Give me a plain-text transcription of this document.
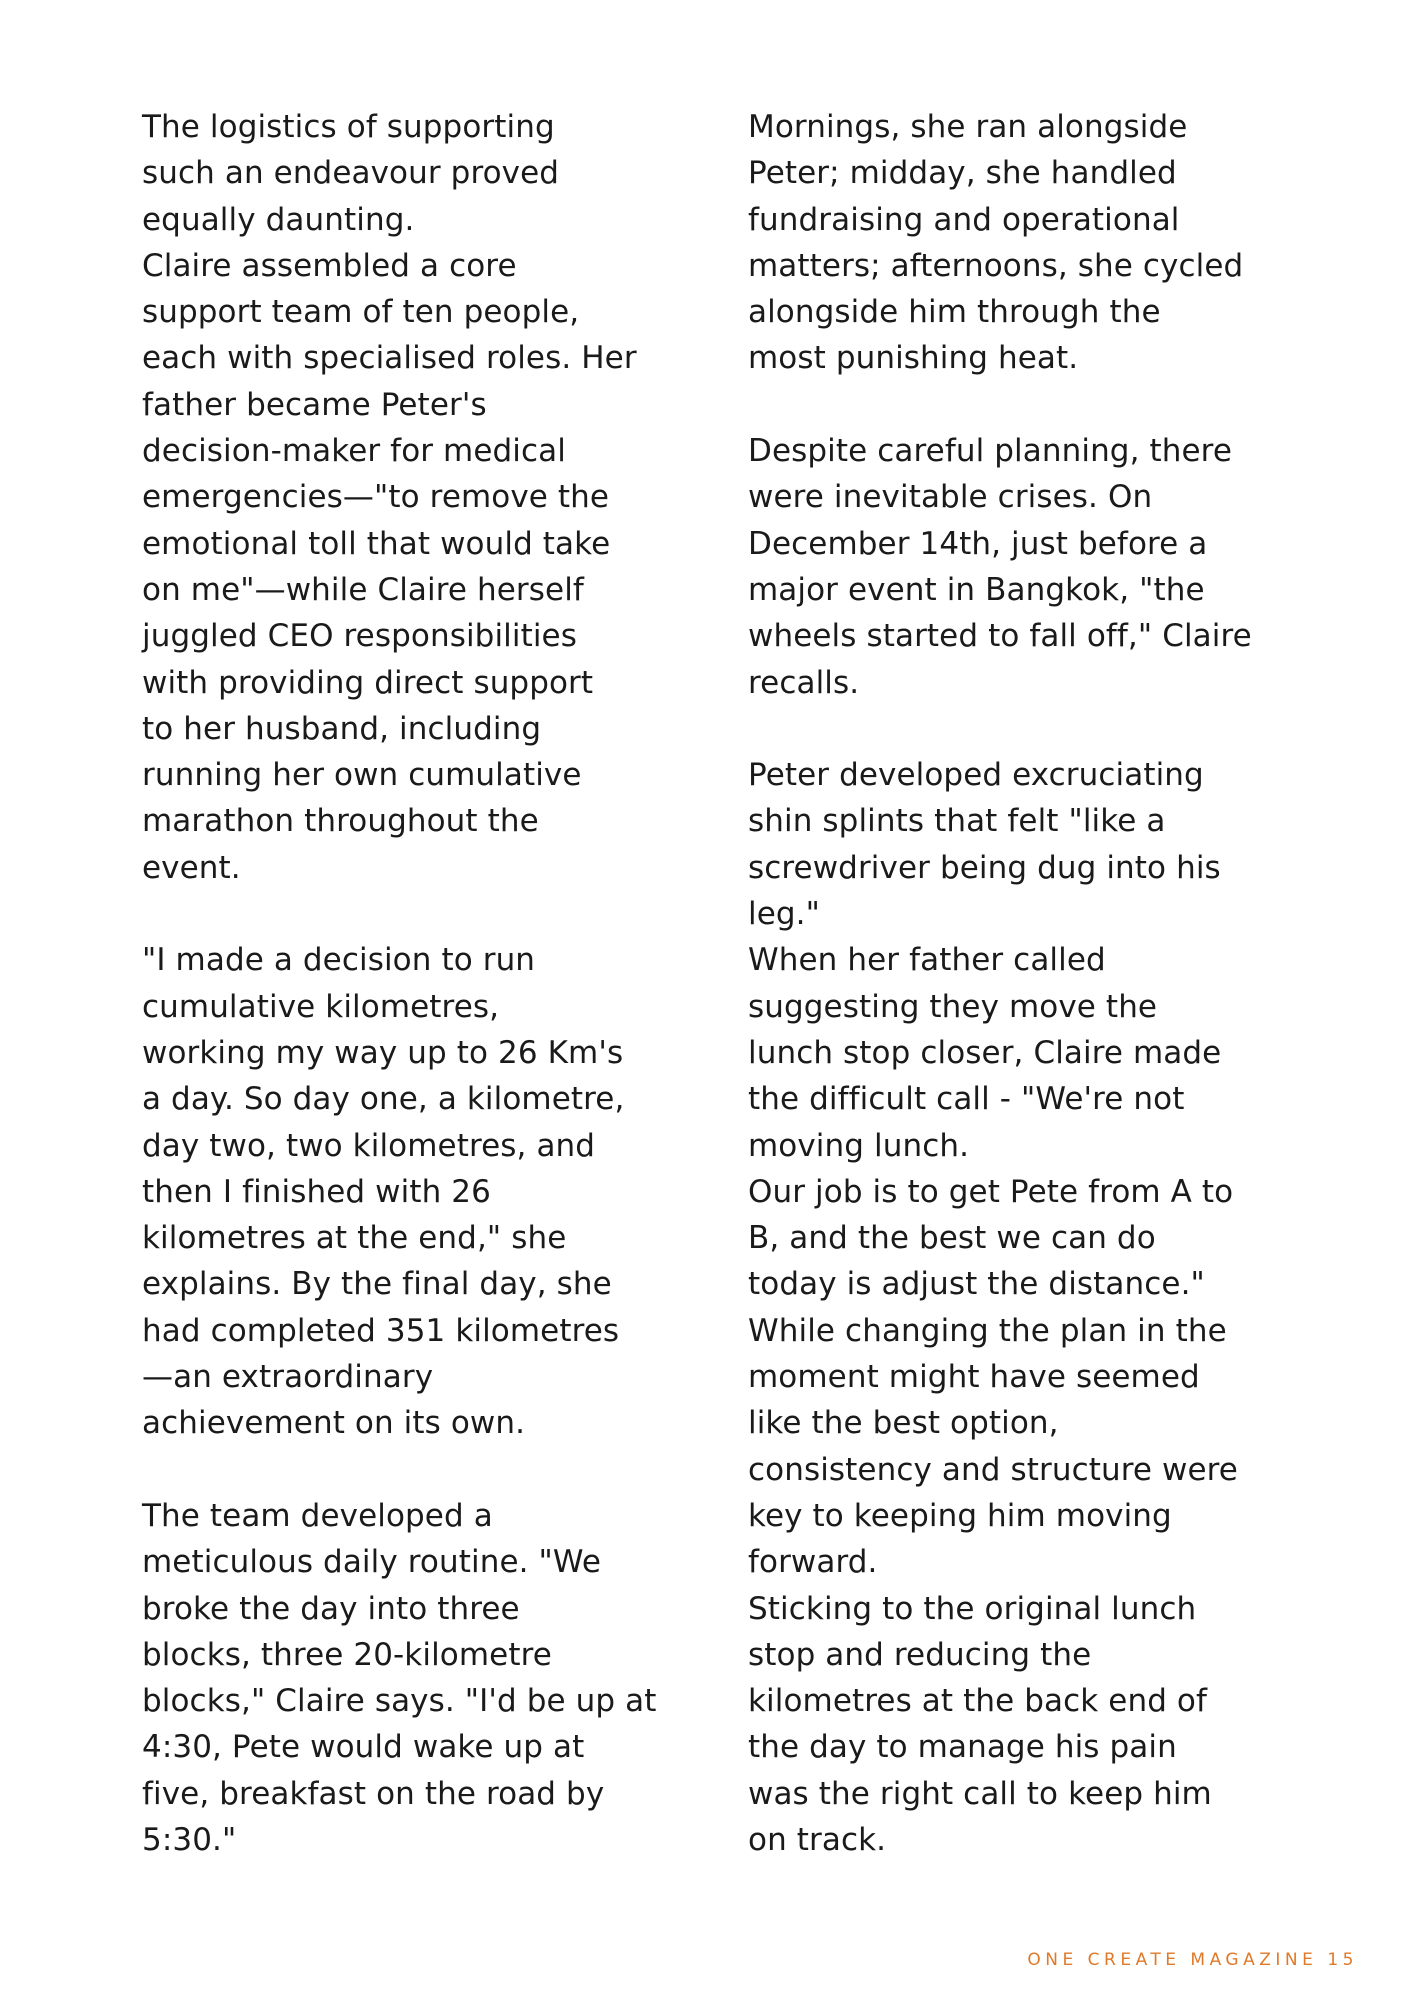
The logistics of supporting
such an endeavour proved
equally daunting.
Claire assembled a core
support team of ten people,
each with specialised roles. Her
father became Peter's
decision-maker for medical
emergencies—"to remove the
emotional toll that would take
on me"—while Claire herself
juggled CEO responsibilities
with providing direct support
to her husband, including
running her own cumulative
marathon throughout the
event.
"I made a decision to run
cumulative kilometres,
working my way up to 26 Km's
a day. So day one, a kilometre,
day two, two kilometres, and
then I finished with 26
kilometres at the end," she
explains. By the final day, she
had completed 351 kilometres
—an extraordinary
achievement on its own.
The team developed a
meticulous daily routine. "We
broke the day into three
blocks, three 20-kilometre
blocks," Claire says. "I'd be up at
4:30, Pete would wake up at
five, breakfast on the road by
5:30."
Mornings, she ran alongside
Peter; midday, she handled
fundraising and operational
matters; afternoons, she cycled
alongside him through the
most punishing heat.
Despite careful planning, there
were inevitable crises. On
December 14th, just before a
major event in Bangkok, "the
wheels started to fall off," Claire
recalls.
Peter developed excruciating
shin splints that felt "like a
screwdriver being dug into his
leg."
When her father called
suggesting they move the
lunch stop closer, Claire made
the difficult call - "We're not
moving lunch.
Our job is to get Pete from A to
B, and the best we can do
today is adjust the distance."
While changing the plan in the
moment might have seemed
like the best option,
consistency and structure were
key to keeping him moving
forward.
Sticking to the original lunch
stop and reducing the
kilometres at the back end of
the day to manage his pain
was the right call to keep him
on track.
ONE CREATE MAGAZINE 15
